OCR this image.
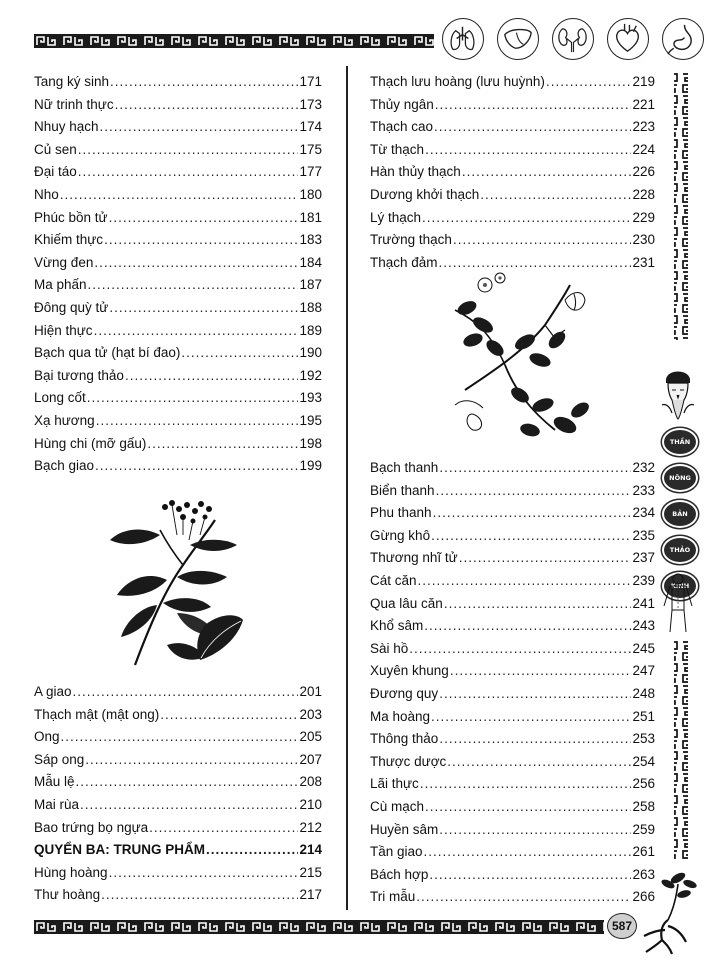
Tang ký sinh .....	171
Nữ trinh thực .....	173
Nhuy hạch .....	174
Củ sen .....	175
Đại táo .....	177
Nho .....	180
Phúc bồn tử .....	181
Khiếm thực .....	183
Vừng đen .....	184
Ma phấn .....	187
Đông quỳ tử .....	188
Hiện thực .....	189
Bạch qua tử (hạt bí đao) .....	190
Bại tương thảo .....	192
Long cốt .....	193
Xạ hương .....	195
Hùng chi (mỡ gấu) .....	198
Bạch giao .....	199
A giao .....	201
Thạch mật (mật ong) .....	203
Ong .....	205
Sáp ong .....	207
Mẫu lệ .....	208
Mai rùa .....	210
Bao trứng bọ ngựa .....	212
QUYỂN BA: TRUNG PHẨM .....	214
Hùng hoàng .....	215
Thư hoàng .....	217
Thạch lưu hoàng (lưu huỳnh) .....	219
Thủy ngân .....	221
Thạch cao .....	223
Từ thạch .....	224
Hàn thủy thạch .....	226
Dương khởi thạch .....	228
Lý thạch .....	229
Trường thạch .....	230
Thạch đảm .....	231
Bạch thanh .....	232
Biển thanh .....	233
Phu thanh .....	234
Gừng khô .....	235
Thương nhĩ tử .....	237
Cát căn .....	239
Qua lâu căn .....	241
Khổ sâm .....	243
Sài hồ .....	245
Xuyên khung .....	247
Đương quy .....	248
Ma hoàng .....	251
Thông thảo .....	253
Thược dược .....	254
Lãi thực .....	256
Cù mạch .....	258
Huyền sâm .....	259
Tần giao .....	261
Bách hợp .....	263
Tri mẫu .....	266
THẦN
NÔNG
BẢN
THẢO
KINH
587
